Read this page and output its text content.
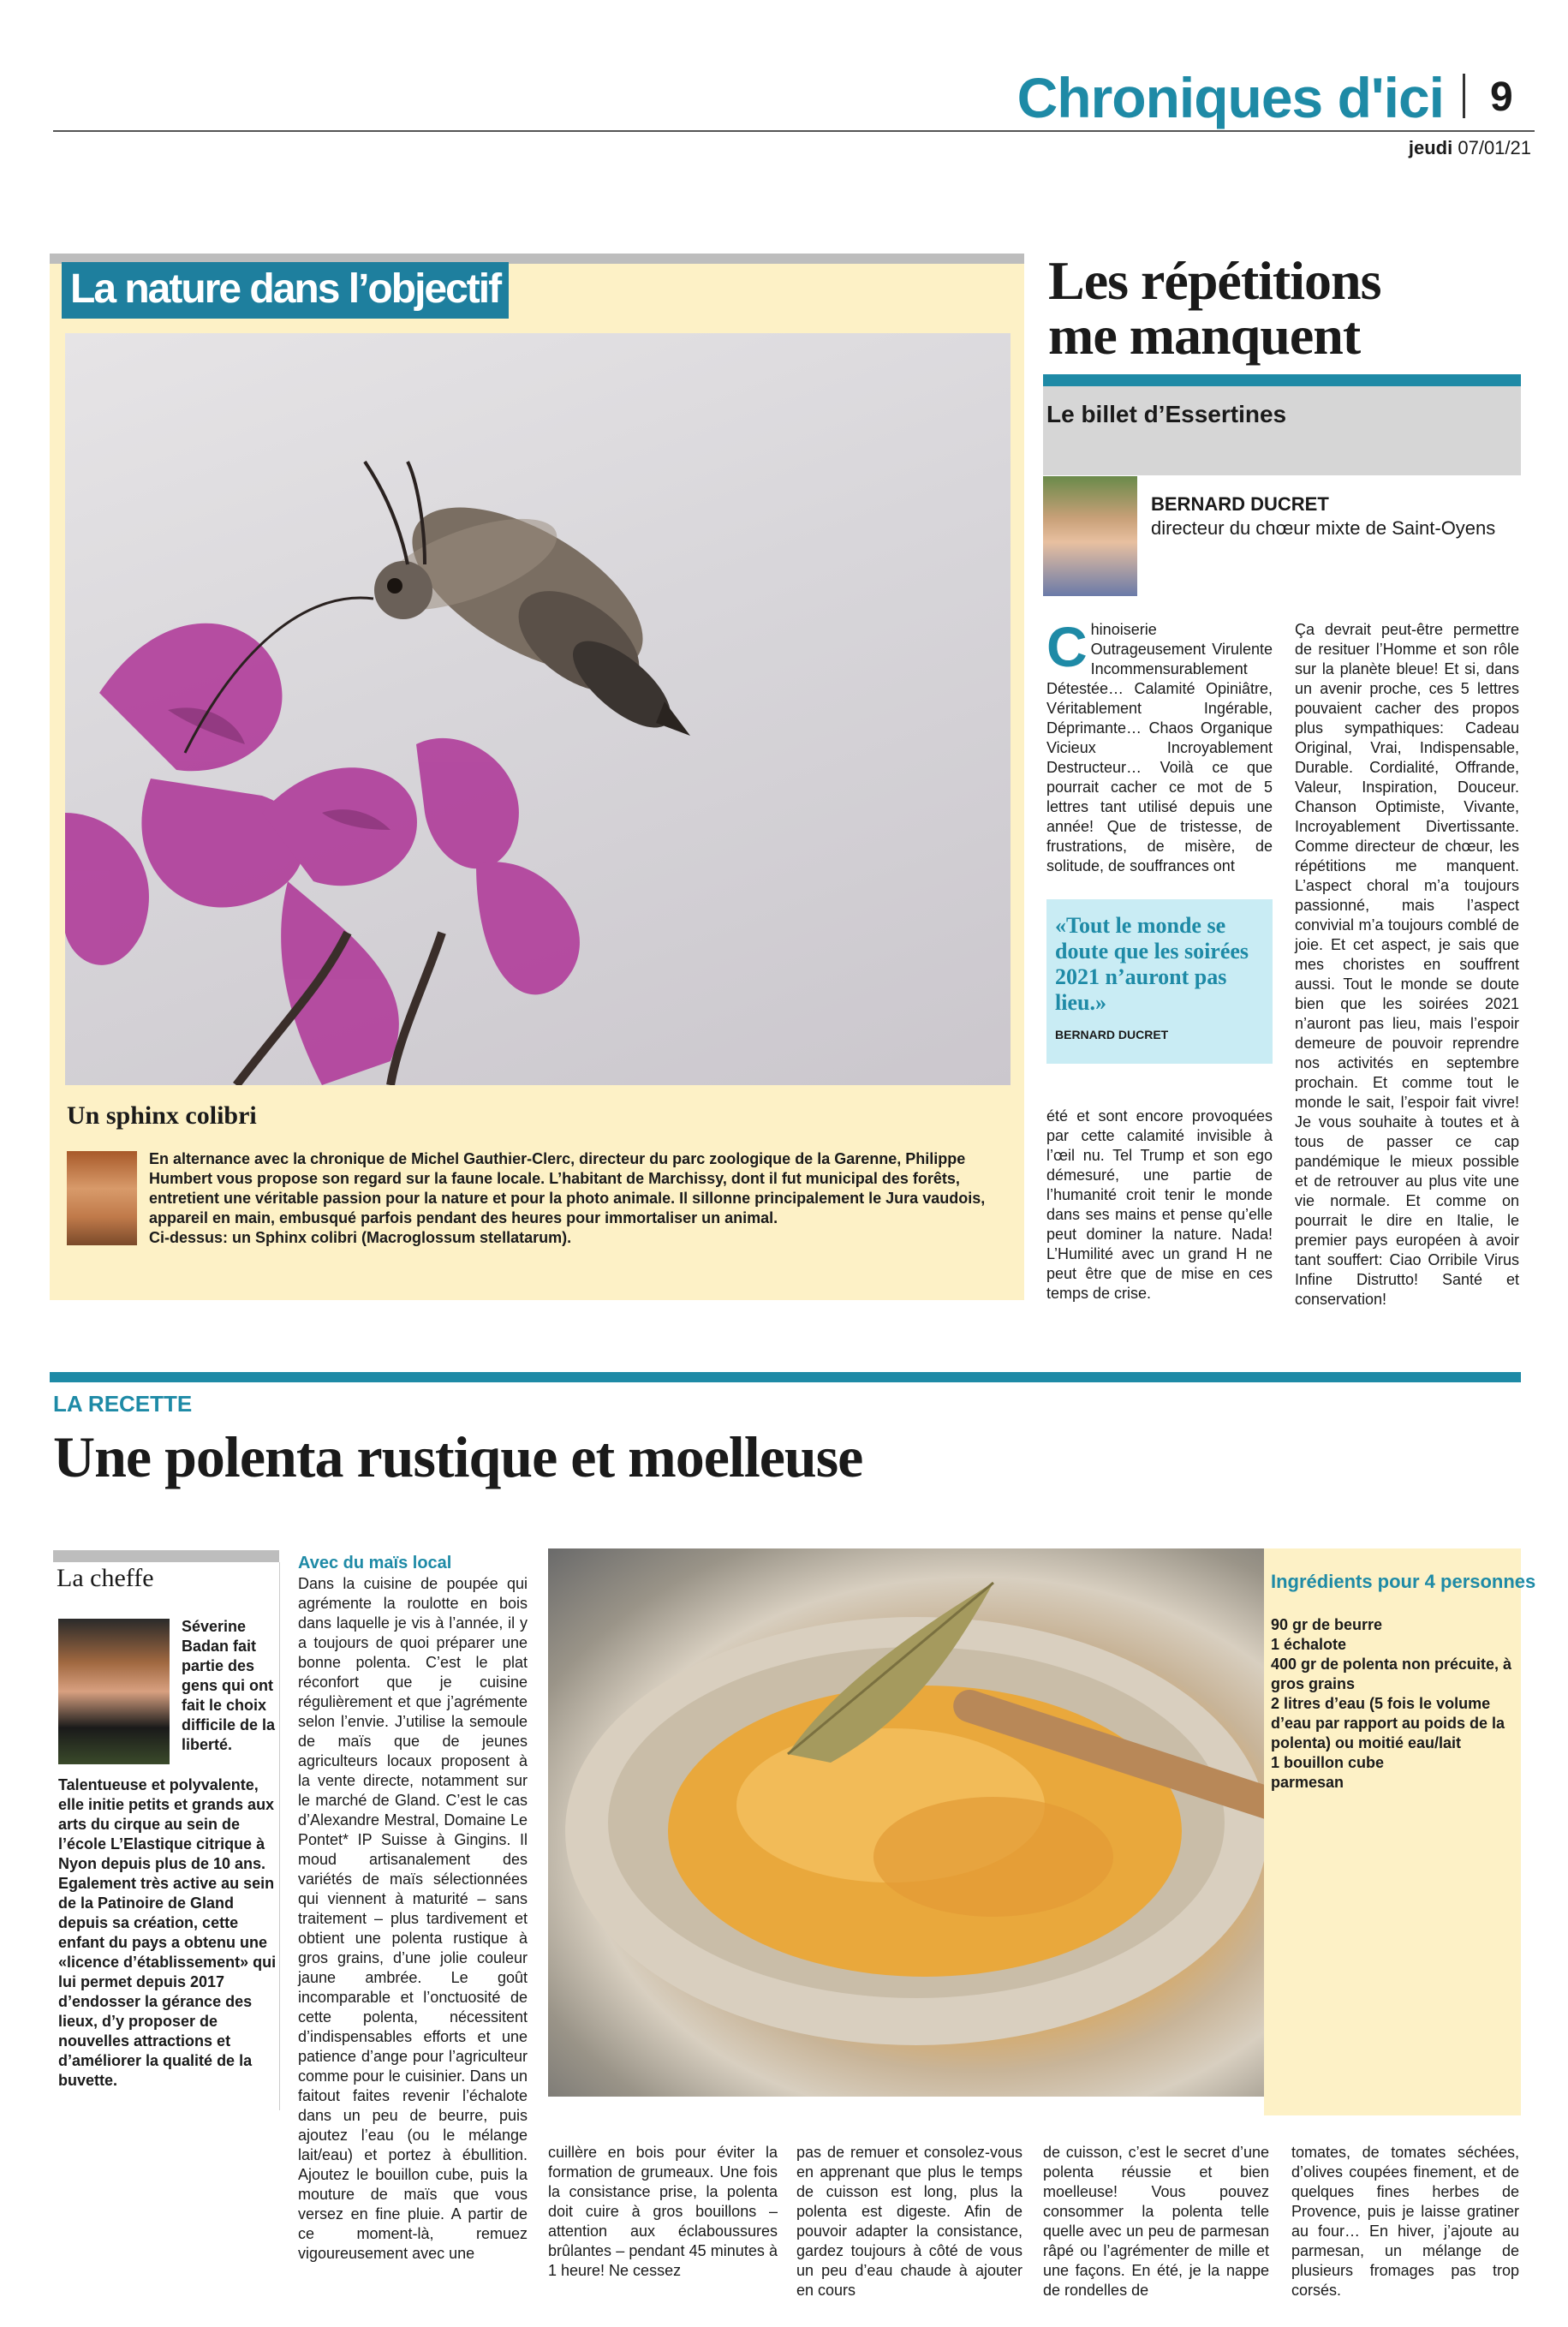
Chroniques d'ici 9
jeudi 07/01/21
La nature dans l’objectif
Un sphinx colibri

En alternance avec la chronique de Michel Gauthier-Clerc, directeur du parc zoologique de la Garenne, Philippe Humbert vous propose son regard sur la faune locale. L’habitant de Marchissy, dont il fut municipal des forêts, entretient une véritable passion pour la nature et pour la photo animale. Il sillonne principalement le Jura vaudois, appareil en main, embusqué parfois pendant des heures pour immortaliser un animal.

Ci-dessus: un Sphinx colibri (Macroglossum stellatarum).

Les répétitions
me manquent
Le billet d’Essertines
BERNARD DUCRET
directeur du chœur mixte de Saint-Oyens
Chinoiserie Outrageusement Virulente Incommensurablement Détestée… Calamité Opiniâtre, Véritablement Ingérable, Déprimante… Chaos Organique Vicieux Incroyablement Destructeur… Voilà ce que pourrait cacher ce mot de 5 lettres tant utilisé depuis une année! Que de tristesse, de frustrations, de misère, de solitude, de souffrances ont
«Tout le monde se doute que les soirées 2021 n’auront pas lieu.»
BERNARD DUCRET
été et sont encore provoquées par cette calamité invisible à l’œil nu. Tel Trump et son ego démesuré, une partie de l’humanité croit tenir le monde dans ses mains et pense qu’elle peut dominer la nature. Nada! L’Humilité avec un grand H ne peut être que de mise en ces temps de crise.
Ça devrait peut-être permettre de resituer l’Homme et son rôle sur la planète bleue! Et si, dans un avenir proche, ces 5 lettres pouvaient cacher des propos plus sympathiques: Cadeau Original, Vrai, Indispensable, Durable. Cordialité, Offrande, Valeur, Inspiration, Douceur. Chanson Optimiste, Vivante, Incroyablement Divertissante. Comme directeur de chœur, les répétitions me manquent. L’aspect choral m’a toujours passionné, mais l’aspect convivial m’a toujours comblé de joie. Et cet aspect, je sais que mes choristes en souffrent aussi. Tout le monde se doute bien que les soirées 2021 n’auront pas lieu, mais l’espoir demeure de pouvoir reprendre nos activités en septembre prochain. Et comme tout le monde le sait, l’espoir fait vivre! Je vous souhaite à toutes et à tous de passer ce cap pandémique le mieux possible et de retrouver au plus vite une vie normale. Et comme on pourrait le dire en Italie, le premier pays européen à avoir tant souffert: Ciao Orribile Virus Infine Distrutto! Santé et conservation!
LA RECETTE
Une polenta rustique et moelleuse
La cheffe
Séverine Badan fait partie des gens qui ont fait le choix difficile de la liberté.
Talentueuse et polyvalente, elle initie petits et grands aux arts du cirque au sein de l’école L’Elastique citrique à Nyon depuis plus de 10 ans. Egalement très active au sein de la Patinoire de Gland depuis sa création, cette enfant du pays a obtenu une «licence d’établissement» qui lui permet depuis 2017 d’endosser la gérance des lieux, d’y proposer de nouvelles attractions et d’améliorer la qualité de la buvette.
Avec du maïs local
Dans la cuisine de poupée qui agrémente la roulotte en bois dans laquelle je vis à l’année, il y a toujours de quoi préparer une bonne polenta. C’est le plat réconfort que je cuisine régulièrement et que j’agrémente selon l’envie. J’utilise la semoule de maïs que de jeunes agriculteurs locaux proposent à la vente directe, notamment sur le marché de Gland. C’est le cas d’Alexandre Mestral, Domaine Le Pontet* IP Suisse à Gingins. Il moud artisanalement des variétés de maïs sélectionnées qui viennent à maturité – sans traitement – plus tardivement et obtient une polenta rustique à gros grains, d’une jolie couleur jaune ambrée. Le goût incomparable et l’onctuosité de cette polenta, nécessitent d’indispensables efforts et une patience d’ange pour l’agriculteur comme pour le cuisinier. Dans un faitout faites revenir l’échalote dans un peu de beurre, puis ajoutez l’eau (ou le mélange lait/eau) et portez à ébullition. Ajoutez le bouillon cube, puis la mouture de maïs que vous versez en fine pluie. A partir de ce moment-là, remuez vigoureusement avec une
Ingrédients pour 4 personnes
90 gr de beurre
1 échalote
400 gr de polenta non précuite, à gros grains
2 litres d’eau (5 fois le volume d’eau par rapport au poids de la polenta) ou moitié eau/lait
1 bouillon cube
parmesan
cuillère en bois pour éviter la formation de grumeaux. Une fois la consistance prise, la polenta doit cuire à gros bouillons – attention aux éclaboussures brûlantes – pendant 45 minutes à 1 heure! Ne cessez
pas de remuer et consolez-vous en apprenant que plus le temps de cuisson est long, plus la polenta est digeste. Afin de pouvoir adapter la consistance, gardez toujours à côté de vous un peu d’eau chaude à ajouter en cours
de cuisson, c’est le secret d’une polenta réussie et bien moelleuse! Vous pouvez consommer la polenta telle quelle avec un peu de parmesan râpé ou l’agrémenter de mille et une façons. En été, je la nappe de rondelles de
tomates, de tomates séchées, d’olives coupées finement, et de quelques fines herbes de Provence, puis je laisse gratiner au four… En hiver, j’ajoute au parmesan, un mélange de plusieurs fromages pas trop corsés.
